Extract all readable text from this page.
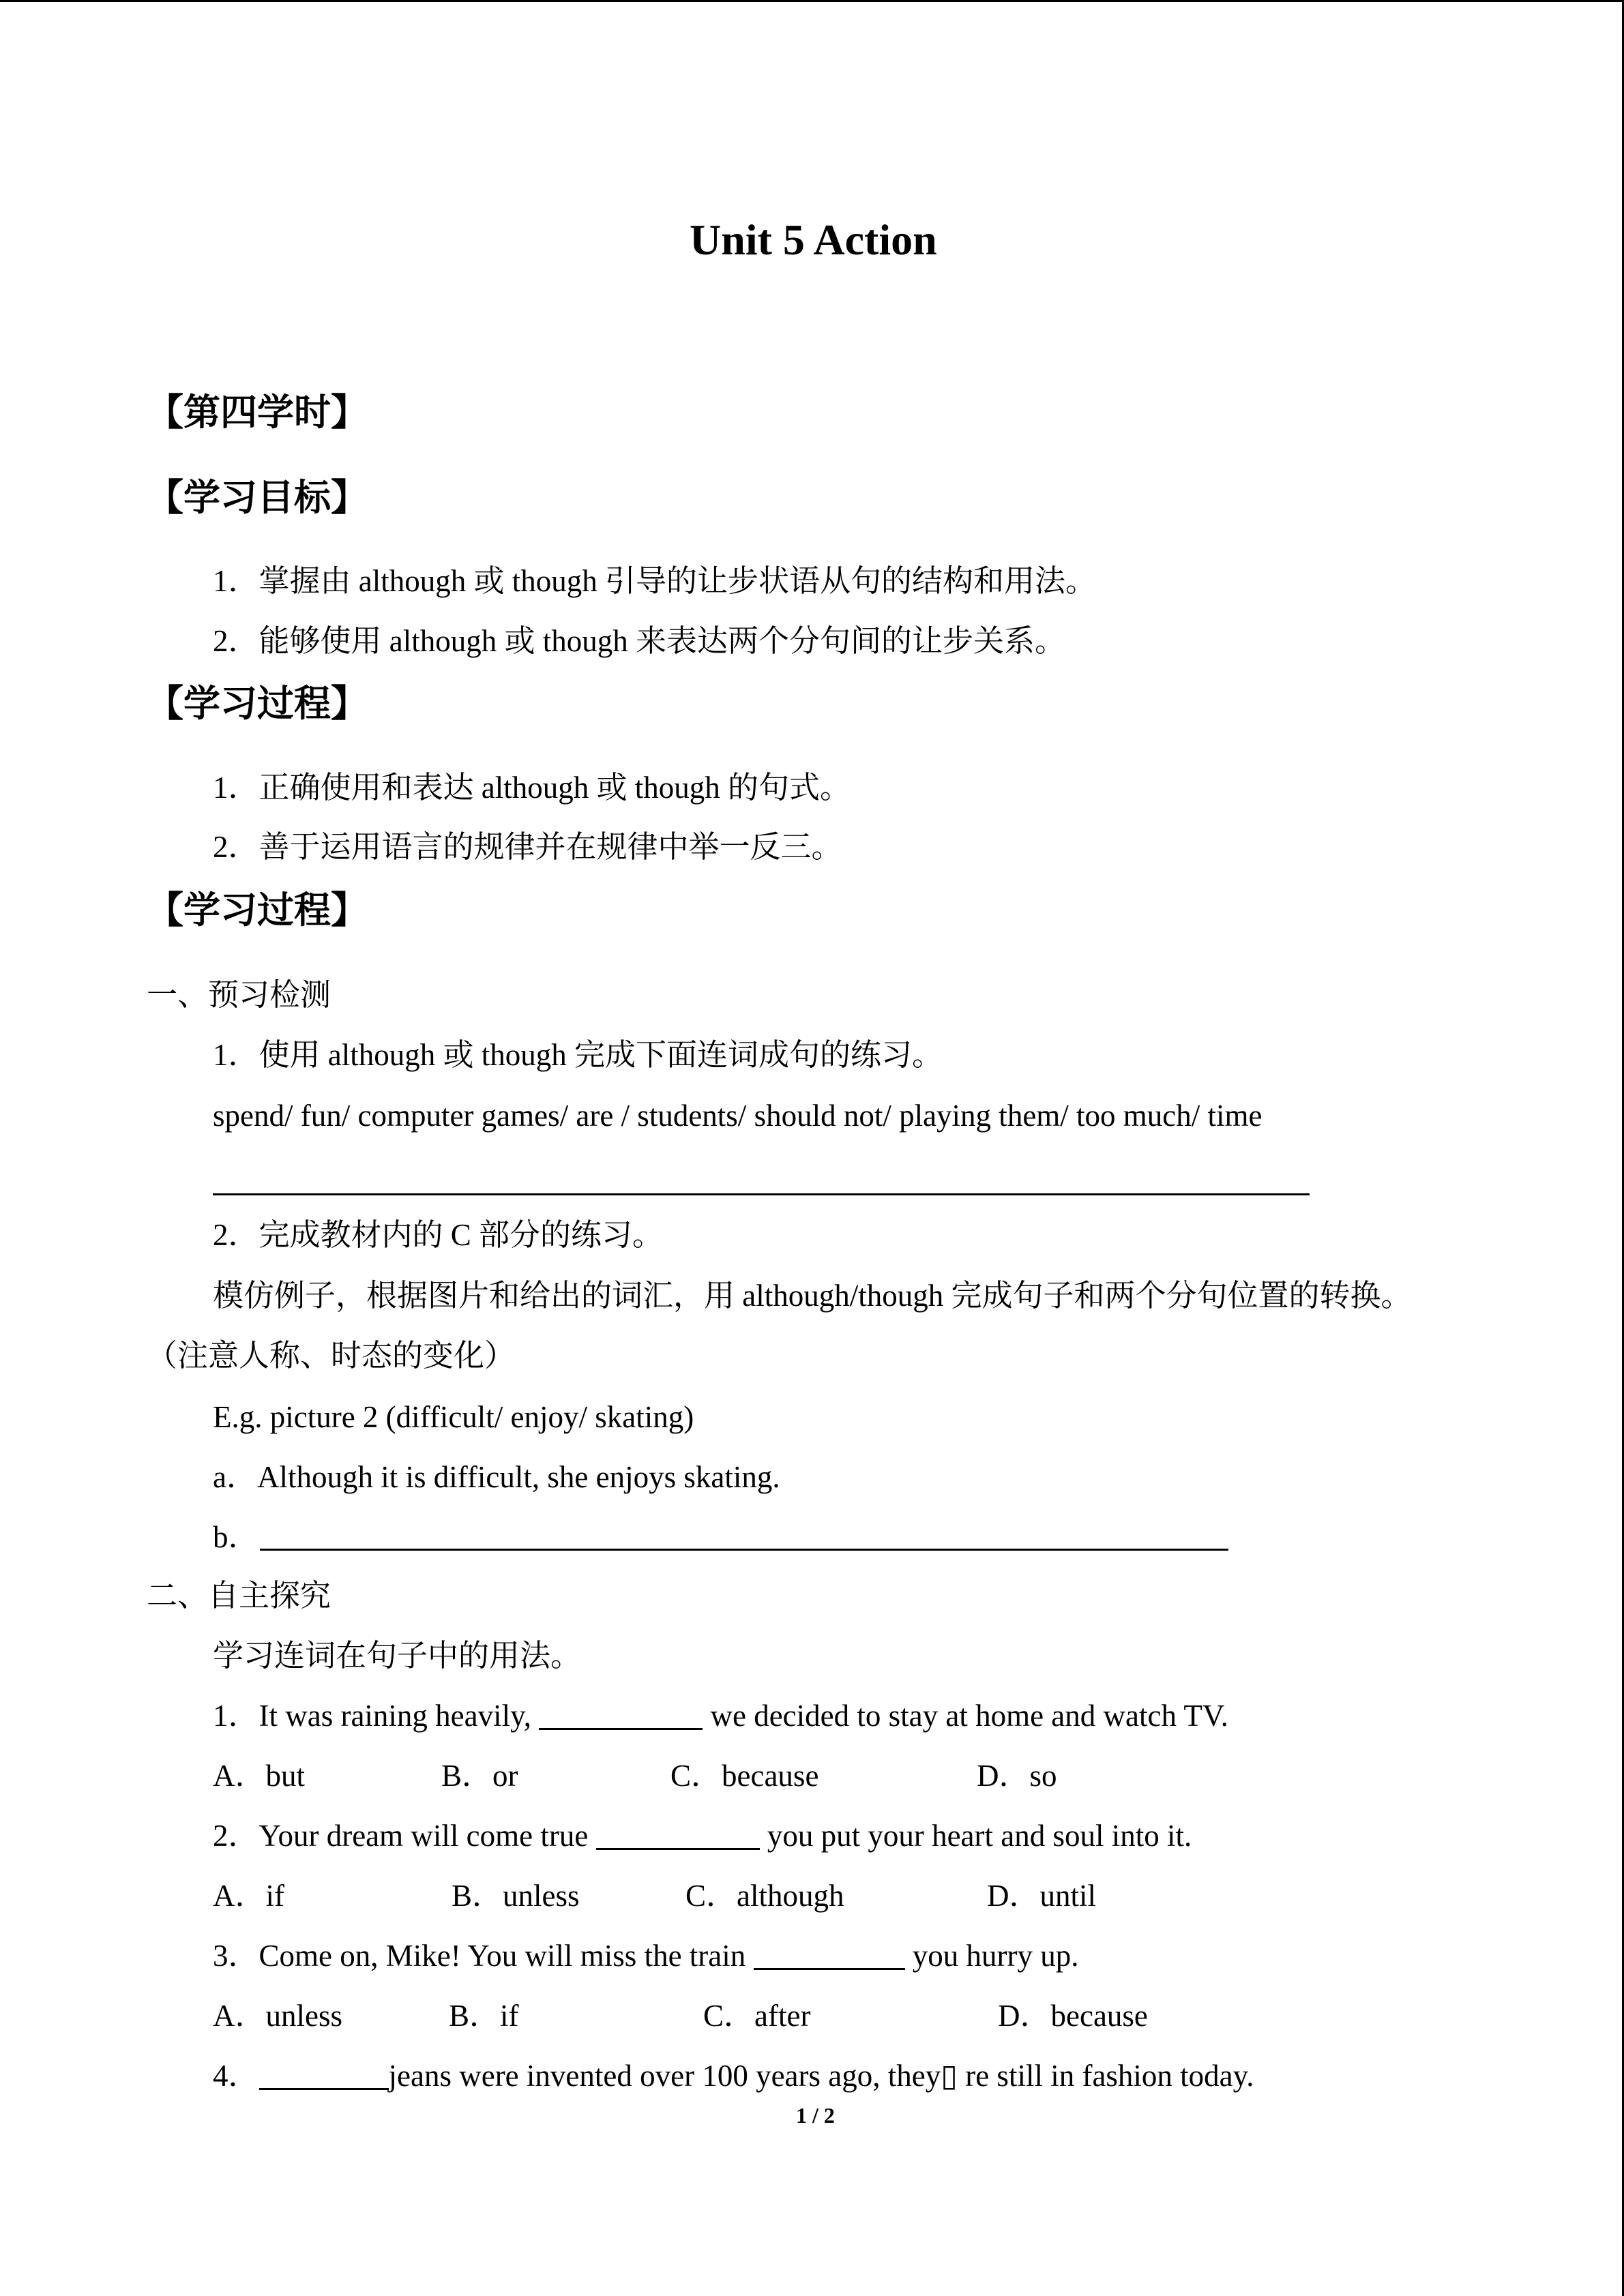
Unit 5 Action
【第四学时】
【学习目标】
1．掌握由 although 或 though 引导的让步状语从句的结构和用法。
2．能够使用 although 或 though 来表达两个分句间的让步关系。
【学习过程】
1．正确使用和表达 although 或 though 的句式。
2．善于运用语言的规律并在规律中举一反三。
【学习过程】
一、预习检测
1．使用 although 或 though 完成下面连词成句的练习。
spend/ fun/ computer games/ are / students/ should not/ playing them/ too much/ time
2．完成教材内的 C 部分的练习。
模仿例子，根据图片和给出的词汇，用 although/though 完成句子和两个分句位置的转换。（注意人称、时态的变化）
E.g. picture 2 (difficult/ enjoy/ skating)
a．Although it is difficult, she enjoys skating.
b．
二、自主探究
学习连词在句子中的用法。
1．It was raining heavily,	we decided to stay at home and watch TV.
A．but	B．or	C．because	D．so
2．Your dream will come true	you put your heart and soul into it.
A．if	B．unless	C．although	D．until
3．Come on, Mike! You will miss the train	you hurry up.
A．unless	B．if	C．after	D．because
4．	jeans were invented over 100 years ago, they▯ re still in fashion today.
1 / 2
